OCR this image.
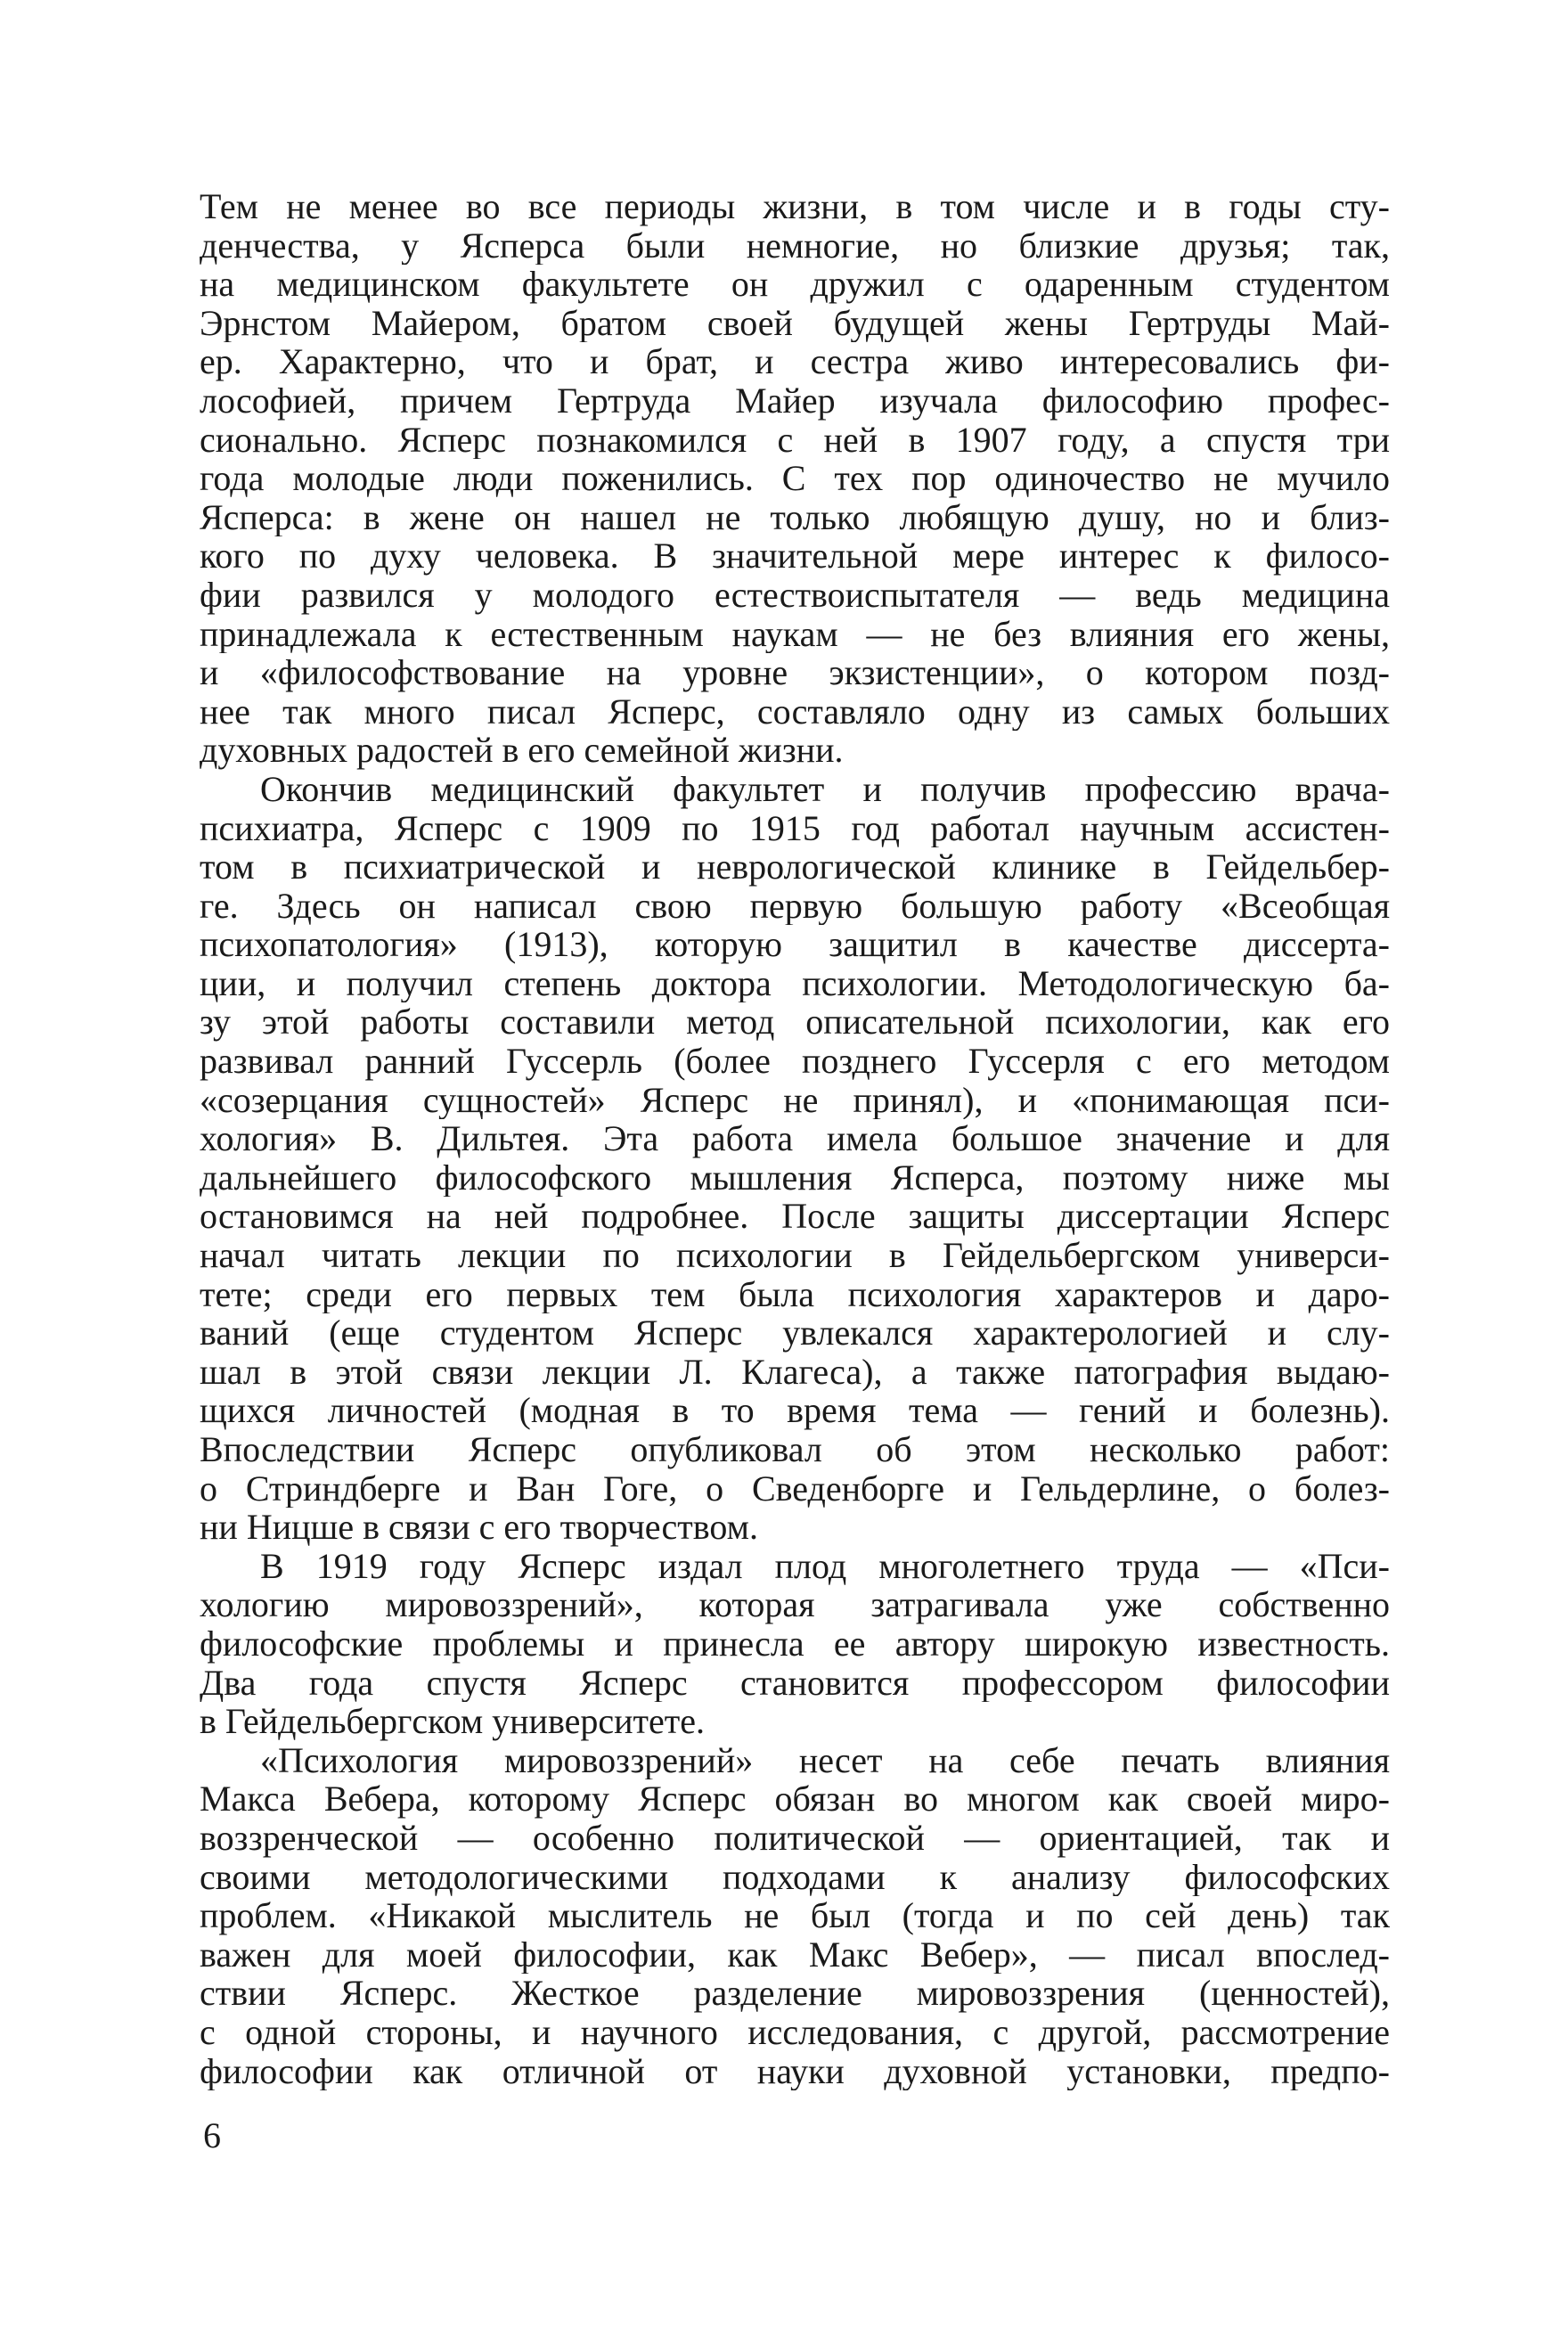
Тем не менее во все периоды жизни, в том числе и в годы сту-
денчества, у Ясперса были немногие, но близкие друзья; так,
на медицинском факультете он дружил с одаренным студентом
Эрнстом Майером, братом своей будущей жены Гертруды Май-
ер. Характерно, что и брат, и сестра живо интересовались фи-
лософией, причем Гертруда Майер изучала философию профес-
сионально. Ясперс познакомился с ней в 1907 году, а спустя три
года молодые люди поженились. С тех пор одиночество не мучило
Ясперса: в жене он нашел не только любящую душу, но и близ-
кого по духу человека. В значительной мере интерес к филосо-
фии развился у молодого естествоиспытателя — ведь медицина
принадлежала к естественным наукам — не без влияния его жены,
и «философствование на уровне экзистенции», о котором позд-
нее так много писал Ясперс, составляло одну из самых больших
духовных радостей в его семейной жизни.
Окончив медицинский факультет и получив профессию врача-
психиатра, Ясперс с 1909 по 1915 год работал научным ассистен-
том в психиатрической и неврологической клинике в Гейдельбер-
ге. Здесь он написал свою первую большую работу «Всеобщая
психопатология» (1913), которую защитил в качестве диссерта-
ции, и получил степень доктора психологии. Методологическую ба-
зу этой работы составили метод описательной психологии, как его
развивал ранний Гуссерль (более позднего Гуссерля с его методом
«созерцания сущностей» Ясперс не принял), и «понимающая пси-
хология» В. Дильтея. Эта работа имела большое значение и для
дальнейшего философского мышления Ясперса, поэтому ниже мы
остановимся на ней подробнее. После защиты диссертации Ясперс
начал читать лекции по психологии в Гейдельбергском универси-
тете; среди его первых тем была психология характеров и даро-
ваний (еще студентом Ясперс увлекался характерологией и слу-
шал в этой связи лекции Л. Клагеса), а также патография выдаю-
щихся личностей (модная в то время тема — гений и болезнь).
Впоследствии Ясперс опубликовал об этом несколько работ:
о Стриндберге и Ван Гоге, о Сведенборге и Гельдерлине, о болез-
ни Ницше в связи с его творчеством.
В 1919 году Ясперс издал плод многолетнего труда — «Пси-
хологию мировоззрений», которая затрагивала уже собственно
философские проблемы и принесла ее автору широкую известность.
Два года спустя Ясперс становится профессором философии
в Гейдельбергском университете.
«Психология мировоззрений» несет на себе печать влияния
Макса Вебера, которому Ясперс обязан во многом как своей миро-
воззренческой — особенно политической — ориентацией, так и
своими методологическими подходами к анализу философских
проблем. «Никакой мыслитель не был (тогда и по сей день) так
важен для моей философии, как Макс Вебер», — писал впослед-
ствии Ясперс. Жесткое разделение мировоззрения (ценностей),
с одной стороны, и научного исследования, с другой, рассмотрение
философии как отличной от науки духовной установки, предпо-
6
